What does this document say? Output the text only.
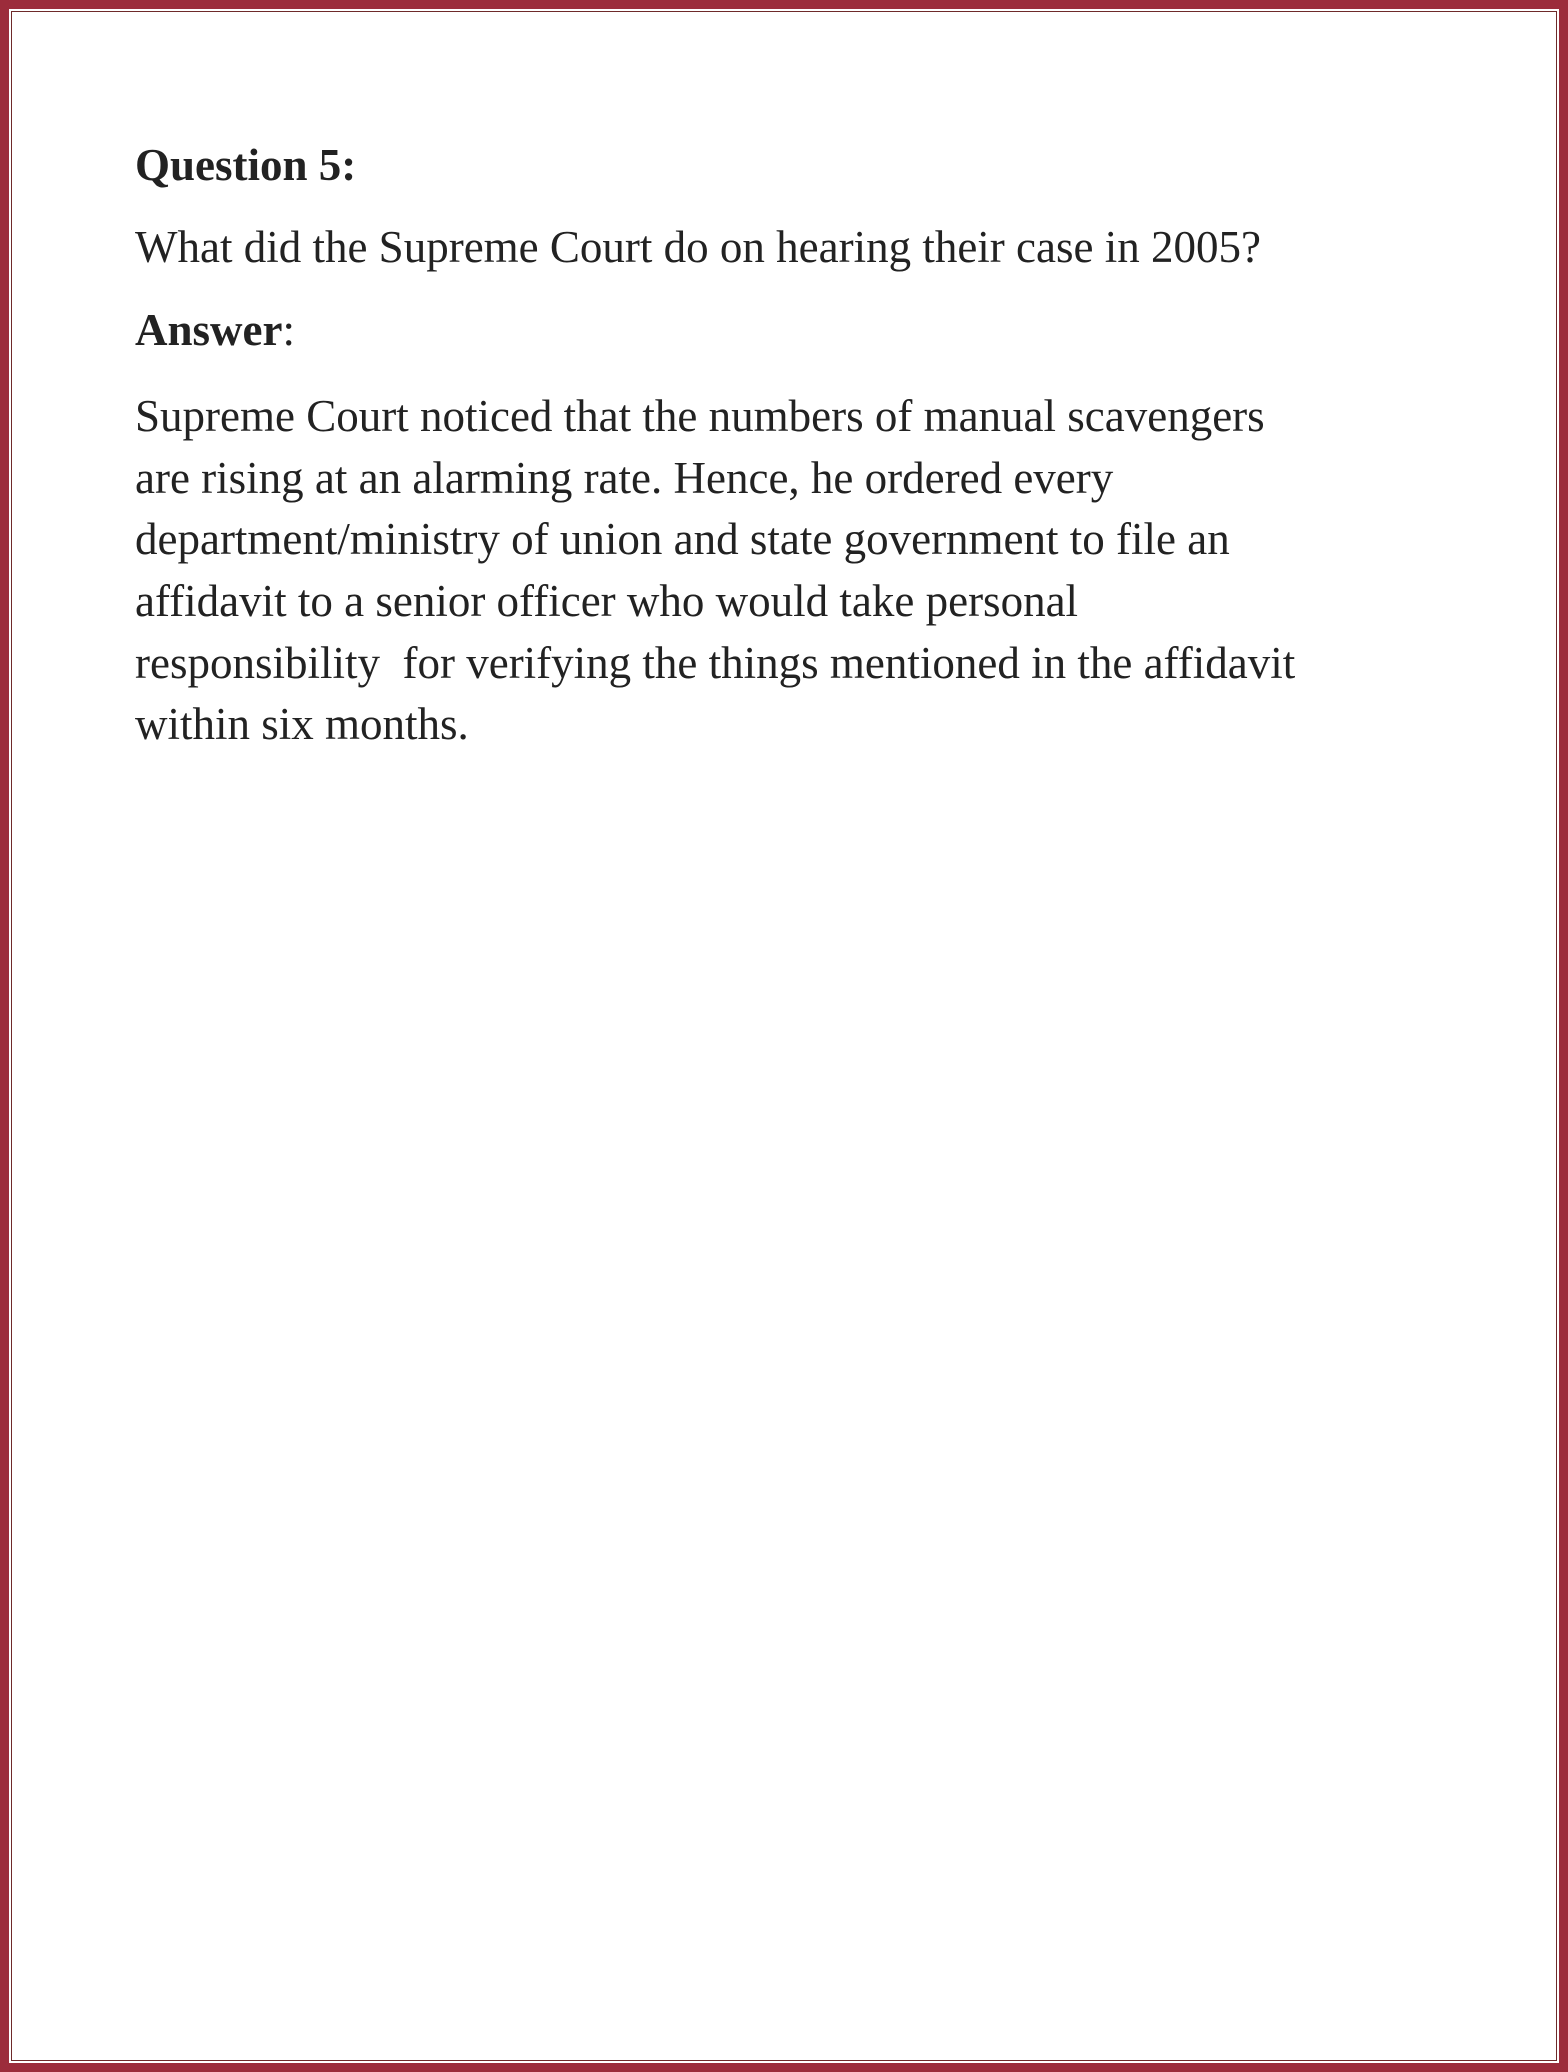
Question 5:
What did the Supreme Court do on hearing their case in 2005?
Answer:
Supreme Court noticed that the numbers of manual scavengers
are rising at an alarming rate. Hence, he ordered every
department/ministry of union and state government to file an
affidavit to a senior officer who would take personal
responsibility  for verifying the things mentioned in the affidavit
within six months.
